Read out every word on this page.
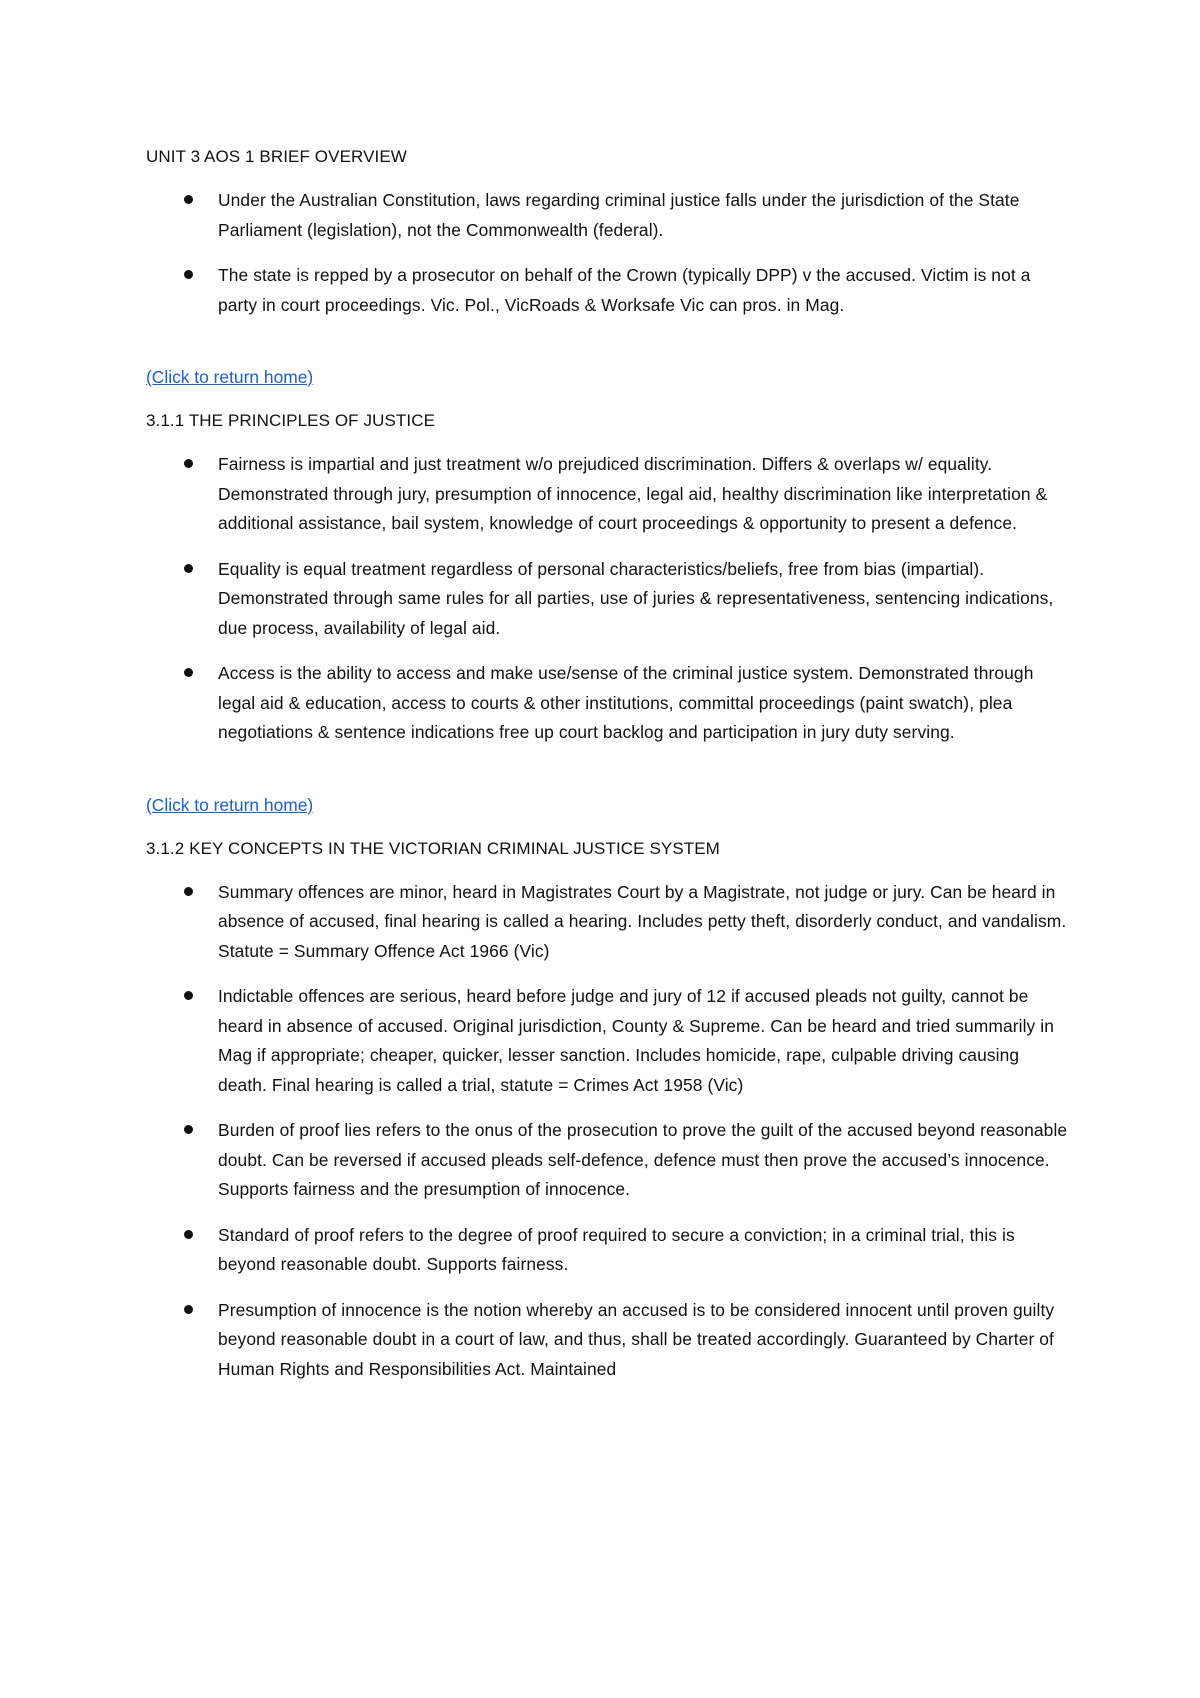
UNIT 3 AOS 1 BRIEF OVERVIEW
Under the Australian Constitution, laws regarding criminal justice falls under the jurisdiction of the State Parliament (legislation), not the Commonwealth (federal).
The state is repped by a prosecutor on behalf of the Crown (typically DPP) v the accused. Victim is not a party in court proceedings. Vic. Pol., VicRoads & Worksafe Vic can pros. in Mag.
(Click to return home)
3.1.1 THE PRINCIPLES OF JUSTICE
Fairness is impartial and just treatment w/o prejudiced discrimination. Differs & overlaps w/ equality. Demonstrated through jury, presumption of innocence, legal aid, healthy discrimination like interpretation & additional assistance, bail system, knowledge of court proceedings & opportunity to present a defence.
Equality is equal treatment regardless of personal characteristics/beliefs, free from bias (impartial). Demonstrated through same rules for all parties, use of juries & representativeness, sentencing indications, due process, availability of legal aid.
Access is the ability to access and make use/sense of the criminal justice system. Demonstrated through legal aid & education, access to courts & other institutions, committal proceedings (paint swatch), plea negotiations & sentence indications free up court backlog and participation in jury duty serving.
(Click to return home)
3.1.2 KEY CONCEPTS IN THE VICTORIAN CRIMINAL JUSTICE SYSTEM
Summary offences are minor, heard in Magistrates Court by a Magistrate, not judge or jury. Can be heard in absence of accused, final hearing is called a hearing. Includes petty theft, disorderly conduct, and vandalism. Statute = Summary Offence Act 1966 (Vic)
Indictable offences are serious, heard before judge and jury of 12 if accused pleads not guilty, cannot be heard in absence of accused. Original jurisdiction, County & Supreme. Can be heard and tried summarily in Mag if appropriate; cheaper, quicker, lesser sanction. Includes homicide, rape, culpable driving causing death. Final hearing is called a trial, statute = Crimes Act 1958 (Vic)
Burden of proof lies refers to the onus of the prosecution to prove the guilt of the accused beyond reasonable doubt. Can be reversed if accused pleads self-defence, defence must then prove the accused’s innocence. Supports fairness and the presumption of innocence.
Standard of proof refers to the degree of proof required to secure a conviction; in a criminal trial, this is beyond reasonable doubt. Supports fairness.
Presumption of innocence is the notion whereby an accused is to be considered innocent until proven guilty beyond reasonable doubt in a court of law, and thus, shall be treated accordingly. Guaranteed by Charter of Human Rights and Responsibilities Act. Maintained
